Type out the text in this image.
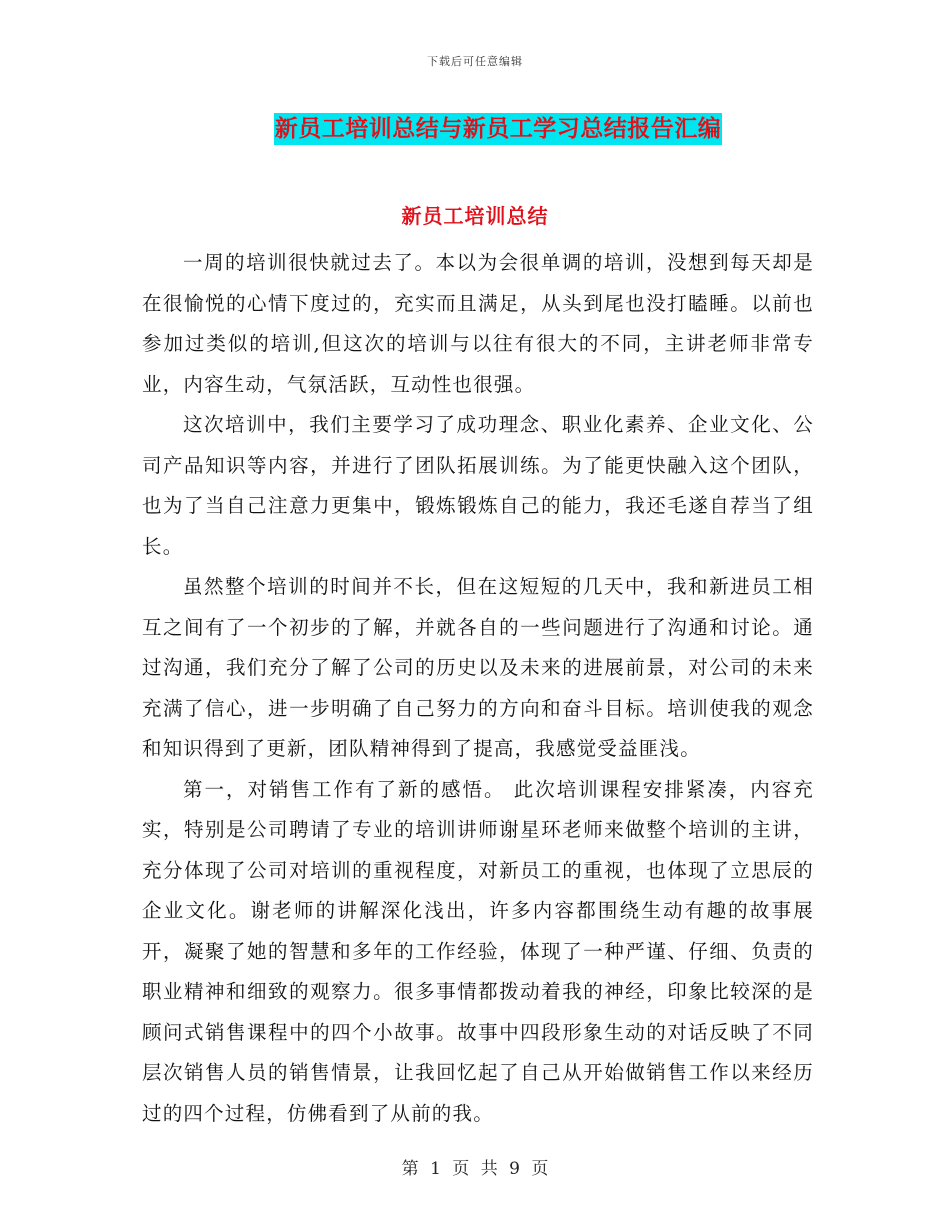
下载后可任意编辑
新员工培训总结与新员工学习总结报告汇编
新员工培训总结

一周的培训很快就过去了。本以为会很单调的培训，没想到每天却是在很愉悦的心情下度过的，充实而且满足，从头到尾也没打瞌睡。以前也参加过类似的培训,但这次的培训与以往有很大的不同，主讲老师非常专业，内容生动，气氛活跃，互动性也很强。

这次培训中，我们主要学习了成功理念、职业化素养、企业文化、公司产品知识等内容，并进行了团队拓展训练。为了能更快融入这个团队，也为了当自己注意力更集中，锻炼锻炼自己的能力，我还毛遂自荐当了组长。

虽然整个培训的时间并不长，但在这短短的几天中，我和新进员工相互之间有了一个初步的了解，并就各自的一些问题进行了沟通和讨论。通过沟通，我们充分了解了公司的历史以及未来的进展前景，对公司的未来充满了信心，进一步明确了自己努力的方向和奋斗目标。培训使我的观念和知识得到了更新，团队精神得到了提高，我感觉受益匪浅。

第一，对销售工作有了新的感悟。 此次培训课程安排紧凑，内容充实，特别是公司聘请了专业的培训讲师谢星环老师来做整个培训的主讲，充分体现了公司对培训的重视程度，对新员工的重视，也体现了立思辰的企业文化。谢老师的讲解深化浅出，许多内容都围绕生动有趣的故事展开，凝聚了她的智慧和多年的工作经验，体现了一种严谨、仔细、负责的职业精神和细致的观察力。很多事情都拨动着我的神经，印象比较深的是顾问式销售课程中的四个小故事。故事中四段形象生动的对话反映了不同层次销售人员的销售情景，让我回忆起了自己从开始做销售工作以来经历过的四个过程，仿佛看到了从前的我。

第 1 页 共 9 页
